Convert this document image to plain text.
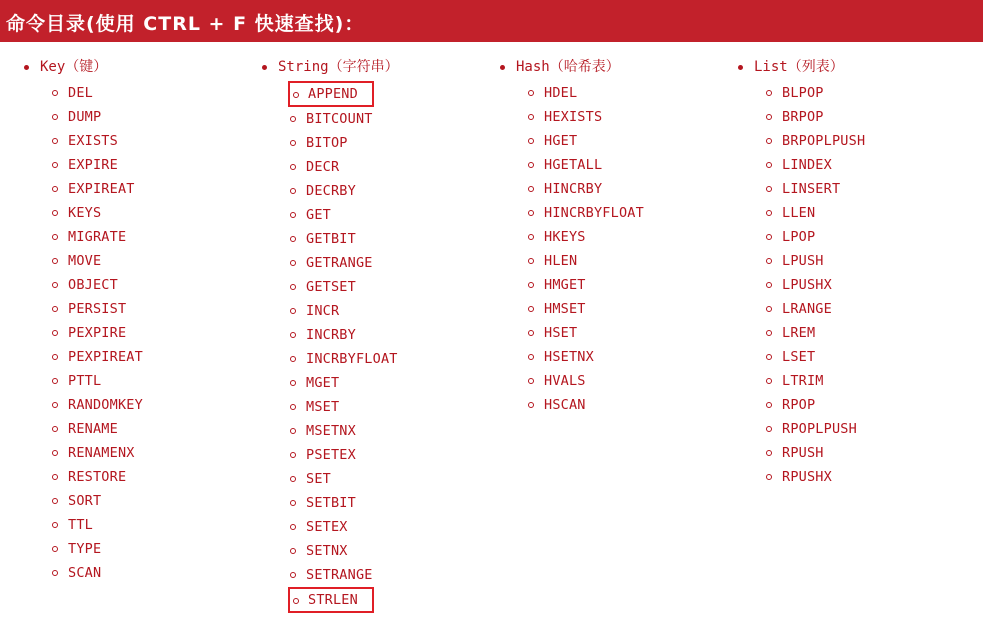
命令目录(使用 CTRL + F 快速查找)：
Key（键）
DEL
DUMP
EXISTS
EXPIRE
EXPIREAT
KEYS
MIGRATE
MOVE
OBJECT
PERSIST
PEXPIRE
PEXPIREAT
PTTL
RANDOMKEY
RENAME
RENAMENX
RESTORE
SORT
TTL
TYPE
SCAN
String（字符串）
APPEND
BITCOUNT
BITOP
DECR
DECRBY
GET
GETBIT
GETRANGE
GETSET
INCR
INCRBY
INCRBYFLOAT
MGET
MSET
MSETNX
PSETEX
SET
SETBIT
SETEX
SETNX
SETRANGE
STRLEN
Hash（哈希表）
HDEL
HEXISTS
HGET
HGETALL
HINCRBY
HINCRBYFLOAT
HKEYS
HLEN
HMGET
HMSET
HSET
HSETNX
HVALS
HSCAN
List（列表）
BLPOP
BRPOP
BRPOPLPUSH
LINDEX
LINSERT
LLEN
LPOP
LPUSH
LPUSHX
LRANGE
LREM
LSET
LTRIM
RPOP
RPOPLPUSH
RPUSH
RPUSHX
